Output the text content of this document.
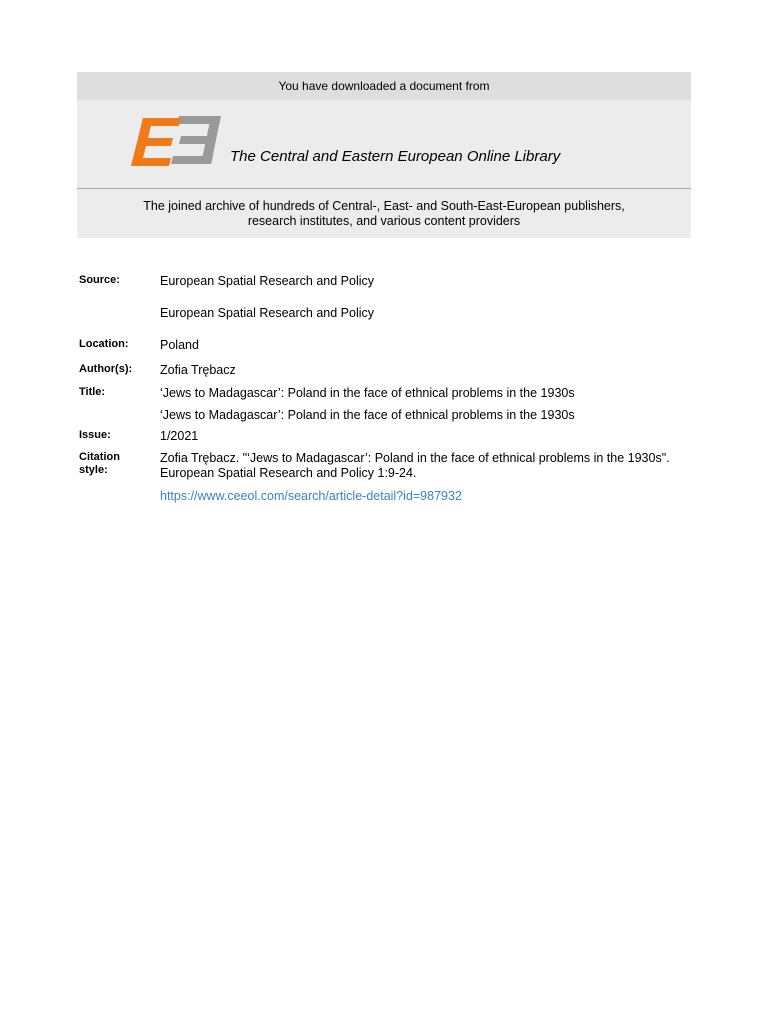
You have downloaded a document from
The Central and Eastern European Online Library
The joined archive of hundreds of Central-, East- and South-East-European publishers,
research institutes, and various content providers
Source:	European Spatial Research and Policy
European Spatial Research and Policy
Location:	Poland
Author(s):	Zofia Trębacz
Title:	‘Jews to Madagascar’: Poland in the face of ethnical problems in the 1930s
‘Jews to Madagascar’: Poland in the face of ethnical problems in the 1930s
Issue:	1/2021
Citation
style:
Zofia Trębacz. "‘Jews to Madagascar’: Poland in the face of ethnical problems in the 1930s".
European Spatial Research and Policy 1:9-24.
https://www.ceeol.com/search/article-detail?id=987932
